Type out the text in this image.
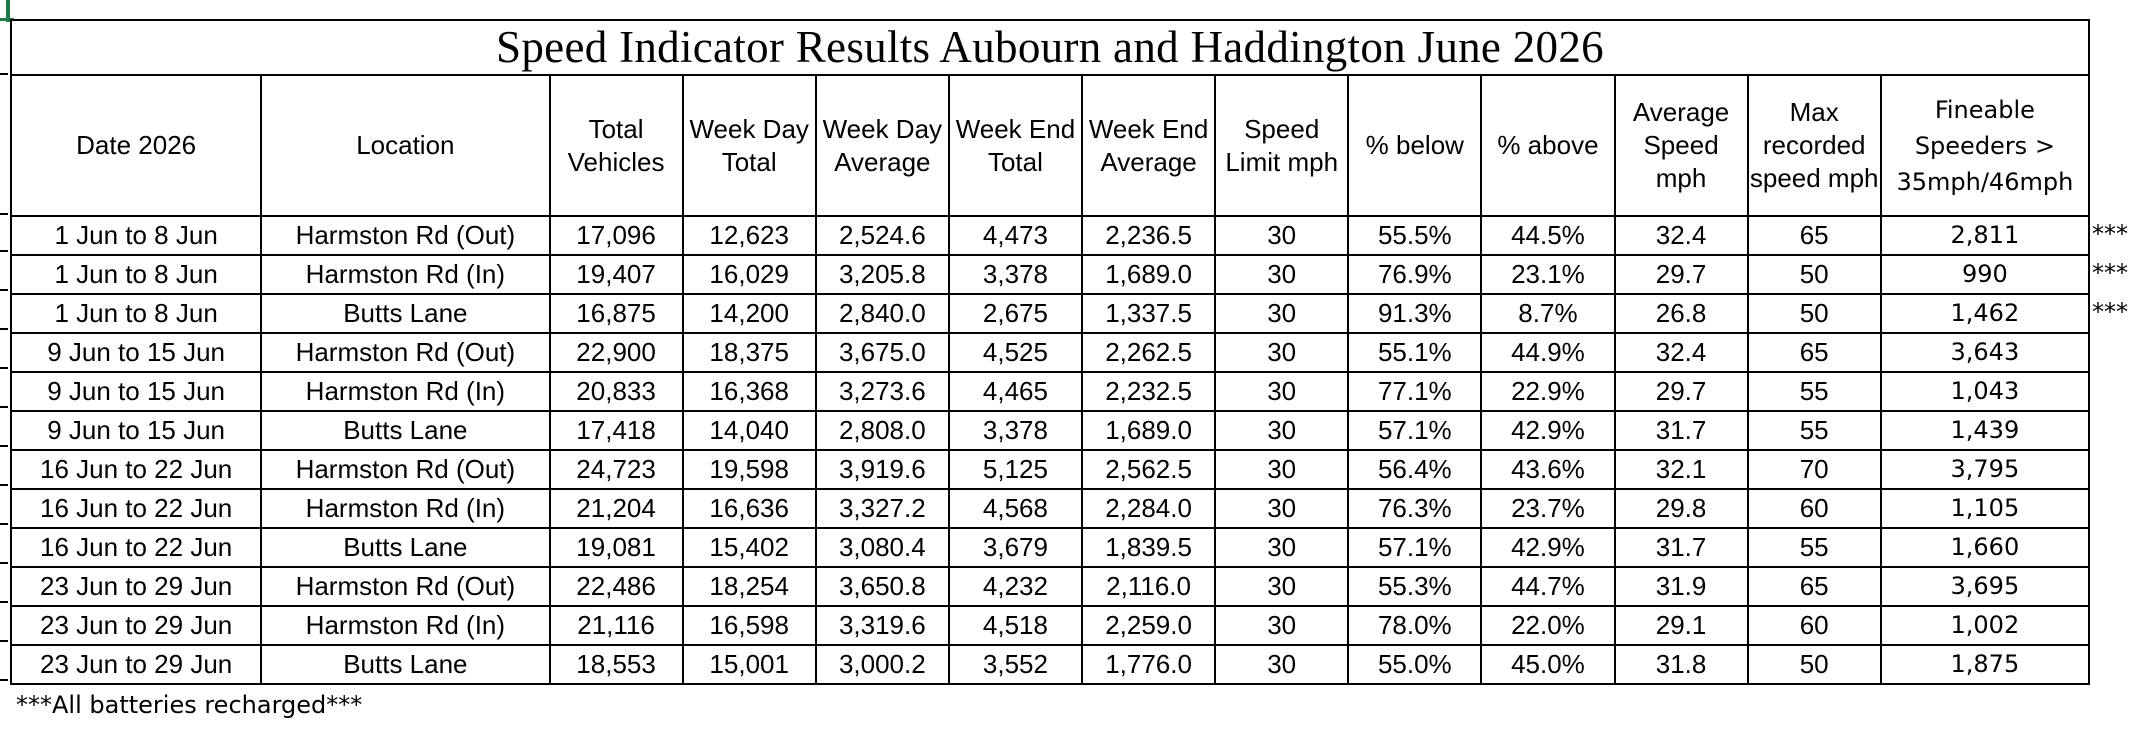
Speed Indicator Results Aubourn and Haddington June 2026												
Date 2026	Location	Total Vehicles	Week Day Total	Week Day Average	Week End Total	Week End Average	Speed Limit mph	% below	% above	Average Speed mph	Max recorded speed mph	Fineable Speeders > 35mph/46mph
1 Jun to 8 Jun	Harmston Rd (Out)	17,096	12,623	2,524.6	4,473	2,236.5	30	55.5%	44.5%	32.4	65	2,811
1 Jun to 8 Jun	Harmston Rd (In)	19,407	16,029	3,205.8	3,378	1,689.0	30	76.9%	23.1%	29.7	50	990
1 Jun to 8 Jun	Butts Lane	16,875	14,200	2,840.0	2,675	1,337.5	30	91.3%	8.7%	26.8	50	1,462
9 Jun to 15 Jun	Harmston Rd (Out)	22,900	18,375	3,675.0	4,525	2,262.5	30	55.1%	44.9%	32.4	65	3,643
9 Jun to 15 Jun	Harmston Rd (In)	20,833	16,368	3,273.6	4,465	2,232.5	30	77.1%	22.9%	29.7	55	1,043
9 Jun to 15 Jun	Butts Lane	17,418	14,040	2,808.0	3,378	1,689.0	30	57.1%	42.9%	31.7	55	1,439
16 Jun to 22 Jun	Harmston Rd (Out)	24,723	19,598	3,919.6	5,125	2,562.5	30	56.4%	43.6%	32.1	70	3,795
16 Jun to 22 Jun	Harmston Rd (In)	21,204	16,636	3,327.2	4,568	2,284.0	30	76.3%	23.7%	29.8	60	1,105
16 Jun to 22 Jun	Butts Lane	19,081	15,402	3,080.4	3,679	1,839.5	30	57.1%	42.9%	31.7	55	1,660
23 Jun to 29 Jun	Harmston Rd (Out)	22,486	18,254	3,650.8	4,232	2,116.0	30	55.3%	44.7%	31.9	65	3,695
23 Jun to 29 Jun	Harmston Rd (In)	21,116	16,598	3,319.6	4,518	2,259.0	30	78.0%	22.0%	29.1	60	1,002
23 Jun to 29 Jun	Butts Lane	18,553	15,001	3,000.2	3,552	1,776.0	30	55.0%	45.0%	31.8	50	1,875
***
***
***
***All batteries recharged***
